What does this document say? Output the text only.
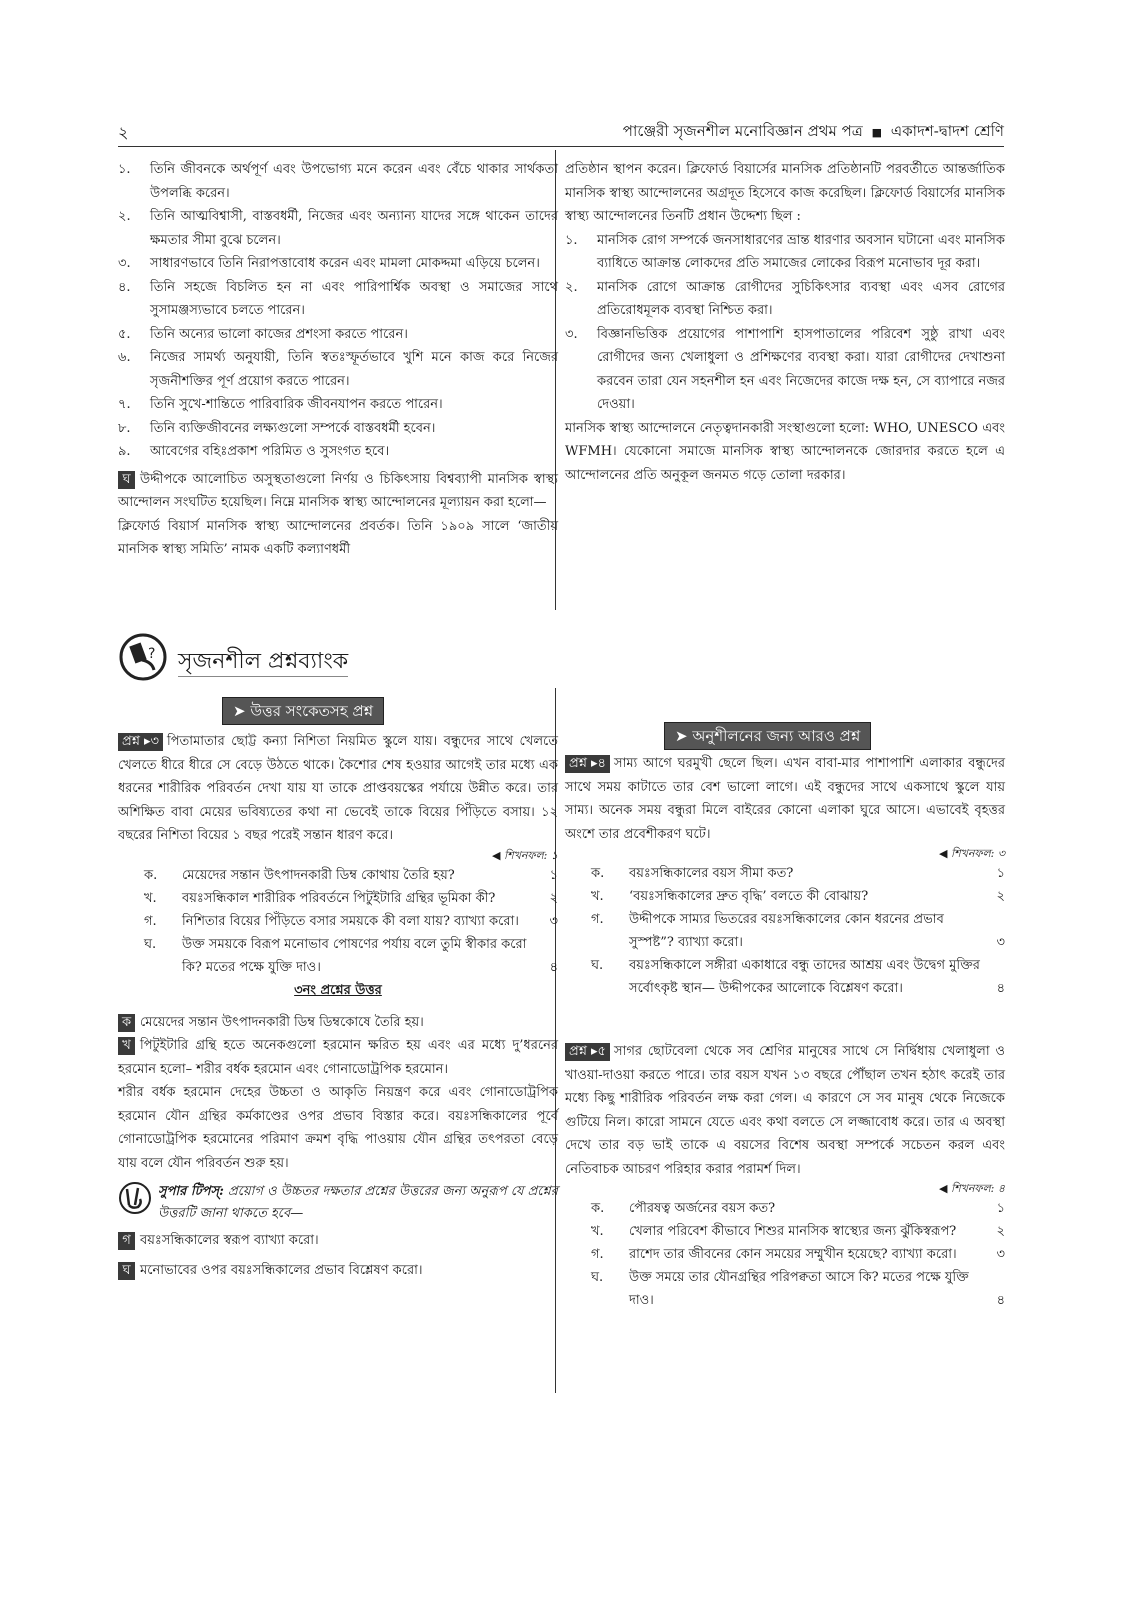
২	পাঞ্জেরী সৃজনশীল মনোবিজ্ঞান প্রথম পত্র ■ একাদশ-দ্বাদশ শ্রেণি
১.	তিনি জীবনকে অর্থপূর্ণ এবং উপভোগ্য মনে করেন এবং বেঁচে থাকার সার্থকতা উপলব্ধি করেন।
২.	তিনি আত্মবিশ্বাসী, বাস্তবধর্মী, নিজের এবং অন্যান্য যাদের সঙ্গে থাকেন তাদের ক্ষমতার সীমা বুঝে চলেন।
৩.	সাধারণভাবে তিনি নিরাপত্তাবোধ করেন এবং মামলা মোকদ্দমা এড়িয়ে চলেন।
৪.	তিনি সহজে বিচলিত হন না এবং পারিপার্শ্বিক অবস্থা ও সমাজের সাথে সুসামঞ্জস্যভাবে চলতে পারেন।
৫.	তিনি অন্যের ভালো কাজের প্রশংসা করতে পারেন।
৬.	নিজের সামর্থ্য অনুযায়ী, তিনি স্বতঃস্ফূর্তভাবে খুশি মনে কাজ করে নিজের সৃজনীশক্তির পূর্ণ প্রয়োগ করতে পারেন।
৭.	তিনি সুখে-শান্তিতে পারিবারিক জীবনযাপন করতে পারেন।
৮.	তিনি ব্যক্তিজীবনের লক্ষ্যগুলো সম্পর্কে বাস্তবধর্মী হবেন।
৯.	আবেগের বহিঃপ্রকাশ পরিমিত ও সুসংগত হবে।

ঘ উদ্দীপকে আলোচিত অসুস্থতাগুলো নির্ণয় ও চিকিৎসায় বিশ্বব্যাপী মানসিক স্বাস্থ্য আন্দোলন সংঘটিত হয়েছিল। নিম্নে মানসিক স্বাস্থ্য আন্দোলনের মূল্যায়ন করা হলো—

ক্লিফোর্ড বিয়ার্স মানসিক স্বাস্থ্য আন্দোলনের প্রবর্তক। তিনি ১৯০৯ সালে ‘জাতীয় মানসিক স্বাস্থ্য সমিতি’ নামক একটি কল্যাণধর্মী

প্রতিষ্ঠান স্থাপন করেন। ক্লিফোর্ড বিয়ার্সের মানসিক প্রতিষ্ঠানটি পরবর্তীতে আন্তর্জাতিক মানসিক স্বাস্থ্য আন্দোলনের অগ্রদূত হিসেবে কাজ করেছিল। ক্লিফোর্ড বিয়ার্সের মানসিক স্বাস্থ্য আন্দোলনের তিনটি প্রধান উদ্দেশ্য ছিল :

১.	মানসিক রোগ সম্পর্কে জনসাধারণের ভ্রান্ত ধারণার অবসান ঘটানো এবং মানসিক ব্যাধিতে আক্রান্ত লোকদের প্রতি সমাজের লোকের বিরূপ মনোভাব দূর করা।
২.	মানসিক রোগে আক্রান্ত রোগীদের সুচিকিৎসার ব্যবস্থা এবং এসব রোগের প্রতিরোধমূলক ব্যবস্থা নিশ্চিত করা।
৩.	বিজ্ঞানভিত্তিক প্রয়োগের পাশাপাশি হাসপাতালের পরিবেশ সুষ্ঠু রাখা এবং রোগীদের জন্য খেলাধুলা ও প্রশিক্ষণের ব্যবস্থা করা। যারা রোগীদের দেখাশুনা করবেন তারা যেন সহনশীল হন এবং নিজেদের কাজে দক্ষ হন, সে ব্যাপারে নজর দেওয়া।

মানসিক স্বাস্থ্য আন্দোলনে নেতৃত্বদানকারী সংস্থাগুলো হলো: WHO, UNESCO এবং WFMH। যেকোনো সমাজে মানসিক স্বাস্থ্য আন্দোলনকে জোরদার করতে হলে এ আন্দোলনের প্রতি অনুকূল জনমত গড়ে তোলা দরকার।

? সৃজনশীল প্রশ্নব্যাংক
➤ উত্তর সংকেতসহ প্রশ্ন
➤ অনুশীলনের জন্য আরও প্রশ্ন

প্রশ্ন ▸৩ পিতামাতার ছোট্ট কন্যা নিশিতা নিয়মিত স্কুলে যায়। বন্ধুদের সাথে খেলতে খেলতে ধীরে ধীরে সে বেড়ে উঠতে থাকে। কৈশোর শেষ হওয়ার আগেই তার মধ্যে এক ধরনের শারীরিক পরিবর্তন দেখা যায় যা তাকে প্রাপ্তবয়স্কের পর্যায়ে উন্নীত করে। তার অশিক্ষিত বাবা মেয়ের ভবিষ্যতের কথা না ভেবেই তাকে বিয়ের পিঁড়িতে বসায়। ১২ বছরের নিশিতা বিয়ের ১ বছর পরেই সন্তান ধারণ করে।

◀ শিখনফল: ১
ক.	মেয়েদের সন্তান উৎপাদনকারী ডিম্ব কোথায় তৈরি হয়?	১
খ.	বয়ঃসন্ধিকাল শারীরিক পরিবর্তনে পিটুইটারি গ্রন্থির ভূমিকা কী?	২
গ.	নিশিতার বিয়ের পিঁড়িতে বসার সময়কে কী বলা যায়? ব্যাখ্যা করো।	৩
ঘ.	উক্ত সময়কে বিরূপ মনোভাব পোষণের পর্যায় বলে তুমি স্বীকার করো কি? মতের পক্ষে যুক্তি দাও।	৪
৩নং প্রশ্নের উত্তর

ক মেয়েদের সন্তান উৎপাদনকারী ডিম্ব ডিম্বকোষে তৈরি হয়।

খ পিটুইটারি গ্রন্থি হতে অনেকগুলো হরমোন ক্ষরিত হয় এবং এর মধ্যে দু’ধরনের হরমোন হলো– শরীর বর্ধক হরমোন এবং গোনাডোট্রপিক হরমোন।

শরীর বর্ধক হরমোন দেহের উচ্চতা ও আকৃতি নিয়ন্ত্রণ করে এবং গোনাডোট্রপিক হরমোন যৌন গ্রন্থির কর্মকাণ্ডের ওপর প্রভাব বিস্তার করে। বয়ঃসন্ধিকালের পূর্বে গোনাডোট্রপিক হরমোনের পরিমাণ ক্রমশ বৃদ্ধি পাওয়ায় যৌন গ্রন্থির তৎপরতা বেড়ে যায় বলে যৌন পরিবর্তন শুরু হয়।

সুপার টিপস্: প্রয়োগ ও উচ্চতর দক্ষতার প্রশ্নের উত্তরের জন্য অনুরূপ যে প্রশ্নের উত্তরটি জানা থাকতে হবে—

গ বয়ঃসন্ধিকালের স্বরূপ ব্যাখ্যা করো।

ঘ মনোভাবের ওপর বয়ঃসন্ধিকালের প্রভাব বিশ্লেষণ করো।

প্রশ্ন ▸৪ সাম্য আগে ঘরমুখী ছেলে ছিল। এখন বাবা-মার পাশাপাশি এলাকার বন্ধুদের সাথে সময় কাটাতে তার বেশ ভালো লাগে। এই বন্ধুদের সাথে একসাথে স্কুলে যায় সাম্য। অনেক সময় বন্ধুরা মিলে বাইরের কোনো এলাকা ঘুরে আসে। এভাবেই বৃহত্তর অংশে তার প্রবেশীকরণ ঘটে।

◀ শিখনফল: ৩
ক.	বয়ঃসন্ধিকালের বয়স সীমা কত?	১
খ.	‘বয়ঃসন্ধিকালের দ্রুত বৃদ্ধি’ বলতে কী বোঝায়?	২
গ.	উদ্দীপকে সাম্যর ভিতরের বয়ঃসন্ধিকালের কোন ধরনের প্রভাব সুস্পষ্ট”? ব্যাখ্যা করো।	৩
ঘ.	বয়ঃসন্ধিকালে সঙ্গীরা একাধারে বন্ধু তাদের আশ্রয় এবং উদ্বেগ মুক্তির সর্বোৎকৃষ্ট স্থান— উদ্দীপকের আলোকে বিশ্লেষণ করো।	৪

প্রশ্ন ▸৫ সাগর ছোটবেলা থেকে সব শ্রেণির মানুষের সাথে সে নির্দ্বিধায় খেলাধুলা ও খাওয়া-দাওয়া করতে পারে। তার বয়স যখন ১৩ বছরে পৌঁছাল তখন হঠাৎ করেই তার মধ্যে কিছু শারীরিক পরিবর্তন লক্ষ করা গেল। এ কারণে সে সব মানুষ থেকে নিজেকে গুটিয়ে নিল। কারো সামনে যেতে এবং কথা বলতে সে লজ্জাবোধ করে। তার এ অবস্থা দেখে তার বড় ভাই তাকে এ বয়সের বিশেষ অবস্থা সম্পর্কে সচেতন করল এবং নেতিবাচক আচরণ পরিহার করার পরামর্শ দিল।

◀ শিখনফল: ৪
ক.	পৌরষত্ব অর্জনের বয়স কত?	১
খ.	খেলার পরিবেশ কীভাবে শিশুর মানসিক স্বাস্থ্যের জন্য ঝুঁকিস্বরূপ?	২
গ.	রাশেদ তার জীবনের কোন সময়ের সম্মুখীন হয়েছে? ব্যাখ্যা করো।	৩
ঘ.	উক্ত সময়ে তার যৌনগ্রন্থির পরিপক্বতা আসে কি? মতের পক্ষে যুক্তি দাও।	৪
